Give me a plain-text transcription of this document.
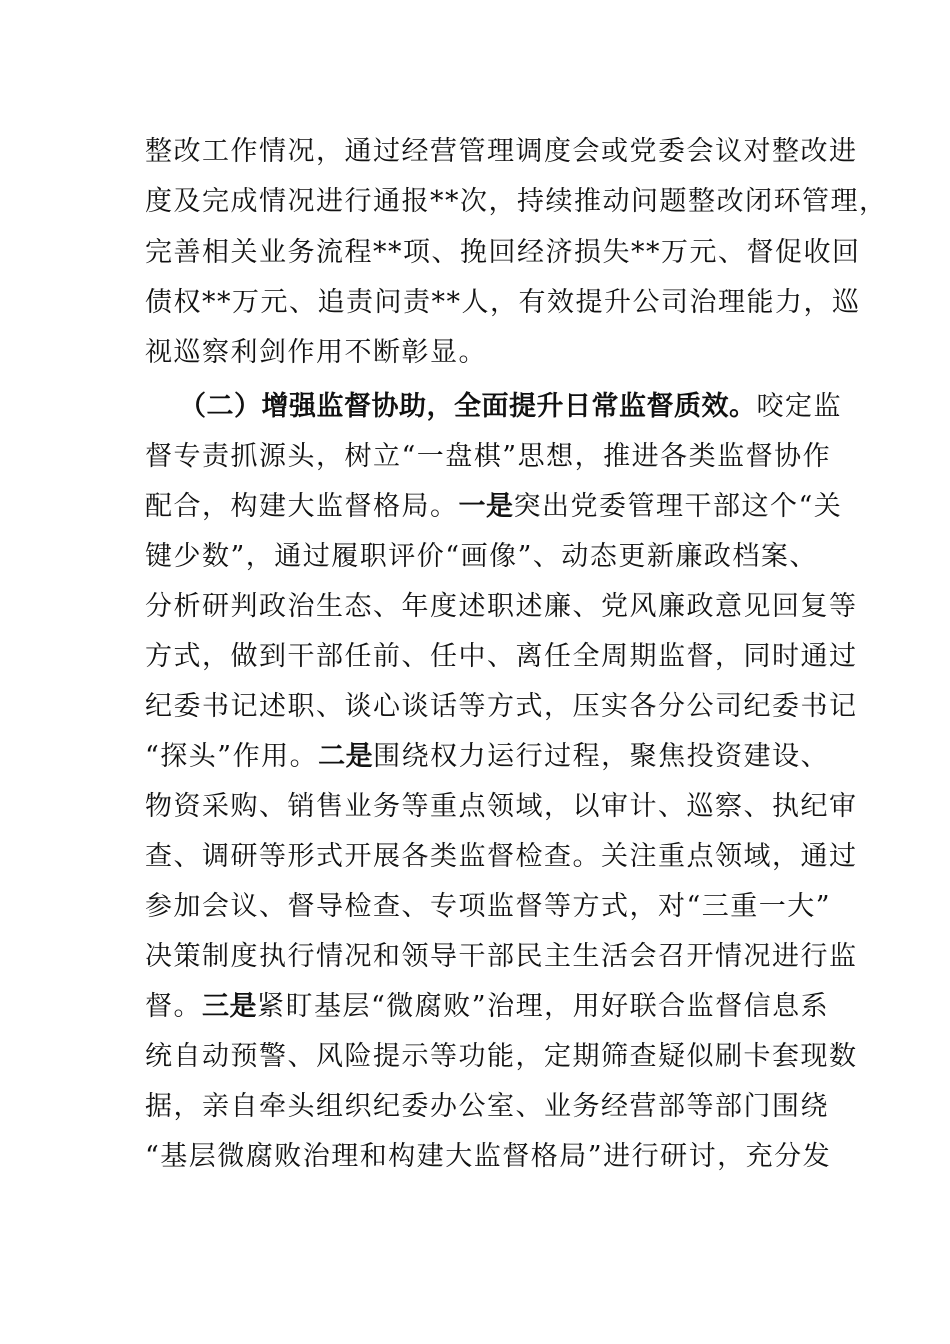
整改工作情况，通过经营管理调度会或党委会议对整改进
度及完成情况进行通报**次，持续推动问题整改闭环管理，
完善相关业务流程**项、挽回经济损失**万元、督促收回
债权**万元、追责问责**人，有效提升公司治理能力，巡
视巡察利剑作用不断彰显。
（二）增强监督协助，全面提升日常监督质效。咬定监
督专责抓源头，树立“一盘棋”思想，推进各类监督协作
配合，构建大监督格局。一是突出党委管理干部这个“关
键少数”，通过履职评价“画像”、动态更新廉政档案、
分析研判政治生态、年度述职述廉、党风廉政意见回复等
方式，做到干部任前、任中、离任全周期监督，同时通过
纪委书记述职、谈心谈话等方式，压实各分公司纪委书记
“探头”作用。二是围绕权力运行过程，聚焦投资建设、
物资采购、销售业务等重点领域，以审计、巡察、执纪审
查、调研等形式开展各类监督检查。关注重点领域，通过
参加会议、督导检查、专项监督等方式，对“三重一大”
决策制度执行情况和领导干部民主生活会召开情况进行监
督。三是紧盯基层“微腐败”治理，用好联合监督信息系
统自动预警、风险提示等功能，定期筛查疑似刷卡套现数
据，亲自牵头组织纪委办公室、业务经营部等部门围绕
“基层微腐败治理和构建大监督格局”进行研讨，充分发
